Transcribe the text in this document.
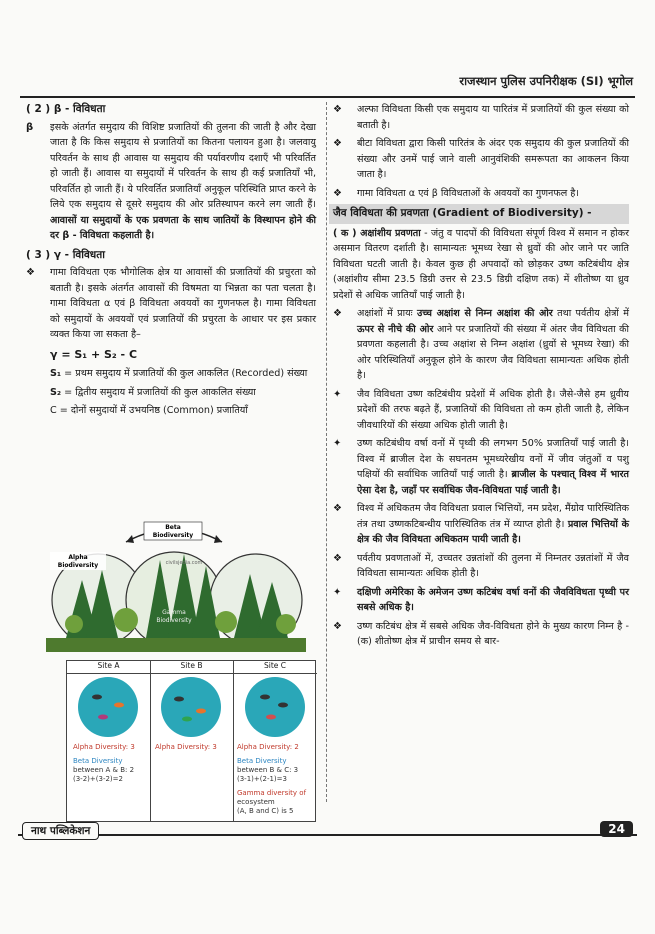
राजस्थान पुलिस उपनिरीक्षक (SI) भूगोल
( 2 ) β - विविधता
β	इसके अंतर्गत समुदाय की विशिष्ट प्रजातियों की तुलना की जाती है और देखा जाता है कि किस समुदाय से प्रजातियों का कितना पलायन हुआ है। जलवायु परिवर्तन के साथ ही आवास या समुदाय की पर्यावरणीय दशाएँ भी परिवर्तित हो जाती हैं। आवास या समुदायों में परिवर्तन के साथ ही कई प्रजातियाँ भी, परिवर्तित हो जाती हैं। ये परिवर्तित प्रजातियाँ अनुकूल परिस्थिति प्राप्त करने के लिये एक समुदाय से दूसरे समुदाय की ओर प्रतिस्थापन करने लग जाती हैं। आवासों या समुदायों के एक प्रवणता के साथ जातियों के विस्थापन होने की दर β - विविधता कहलाती है।
( 3 ) γ - विविधता
❖	गामा विविधता एक भौगोलिक क्षेत्र या आवासों की प्रजातियों की प्रचुरता को बताती है। इसके अंतर्गत आवासों की विषमता या भिन्नता का पता चलता है। गामा विविधता α एवं β विविधता अवयवों का गुणनफल है। गामा विविधता को समुदायों के अवयवों एवं प्रजातियों की प्रचुरता के आधार पर इस प्रकार व्यक्त किया जा सकता है–
γ = S₁ + S₂ - C
S₁ = प्रथम समुदाय में प्रजातियों की कुल आकलित (Recorded) संख्या
S₂ = द्वितीय समुदाय में प्रजातियों की कुल आकलित संख्या
C = दोनों समुदायों में उभयनिष्ठ (Common) प्रजातियाँ
Beta
Biodiversity
Alpha
Biodiversity
Gamma
Biodiversity
civilsjedia.com
Site A	Site B	Site C
Alpha Diversity: 3	Alpha Diversity: 3	Alpha Diversity: 2
Beta Diversity
between A & B: 2
(3-2)+(3-2)=2
Beta Diversity
between B & C: 3
(3-1)+(2-1)=3
Gamma diversity of
ecosystem
(A, B and C) is 5
❖	अल्फा विविधता किसी एक समुदाय या पारितंत्र में प्रजातियों की कुल संख्या को बताती है।
❖	बीटा विविधता द्वारा किसी पारितंत्र के अंदर एक समुदाय की कुल प्रजातियों की संख्या और उनमें पाई जाने वाली आनुवंशिकी समरूपता का आकलन किया जाता है।
❖	गामा विविधता α एवं β विविधताओं के अवयवों का गुणनफल है।
जैव विविधता की प्रवणता (Gradient of Biodiversity) -
( क ) अक्षांशीय प्रवणता - जंतु व पादपों की विविधता संपूर्ण विश्व में समान न होकर असमान वितरण दर्शाती है। सामान्यतः भूमध्य रेखा से ध्रुवों की ओर जाने पर जाति विविधता घटती जाती है। केवल कुछ ही अपवादों को छोड़कर उष्ण कटिबंधीय क्षेत्र (अक्षांशीय सीमा 23.5 डिग्री उत्तर से 23.5 डिग्री दक्षिण तक) में शीतोष्ण या ध्रुव प्रदेशों से अधिक जातियाँ पाई जाती है।
❖	अक्षांशों में प्रायः उच्च अक्षांश से निम्न अक्षांश की ओर तथा पर्वतीय क्षेत्रों में ऊपर से नीचे की ओर आने पर प्रजातियों की संख्या में अंतर जैव विविधता की प्रवणता कहलाती है। उच्च अक्षांश से निम्न अक्षांश (ध्रुवों से भूमध्य रेखा) की ओर परिस्थितियाँ अनुकूल होने के कारण जैव विविधता सामान्यतः अधिक होती है।
✦	जैव विविधता उष्ण कटिबंधीय प्रदेशों में अधिक होती है। जैसे-जैसे हम ध्रुवीय प्रदेशों की तरफ बढ़ते हैं, प्रजातियों की विविधता तो कम होती जाती है, लेकिन जीवधारियों की संख्या अधिक होती जाती है।
✦	उष्ण कटिबंधीय वर्षा वनों में पृथ्वी की लगभग 50% प्रजातियाँ पाई जाती है। विश्व में ब्राजील देश के सघनतम भूमध्यरेखीय वनों में जीव जंतुओं व पशु पक्षियों की सर्वाधिक जातियाँ पाई जाती है। ब्राजील के पश्चात् विश्व में भारत ऐसा देश है, जहाँ पर सर्वाधिक जैव-विविधता पाई जाती है।
❖	विश्व में अधिकतम जैव विविधता प्रवाल भित्तियों, नम प्रदेश, मैंग्रोव पारिस्थितिक तंत्र तथा उष्णकटिबन्धीय पारिस्थितिक तंत्र में व्याप्त होती है। प्रवाल भित्तियों के क्षेत्र की जैव विविधता अधिकतम पायी जाती है।
❖	पर्वतीय प्रवणताओं में, उच्चतर उन्नतांशों की तुलना में निम्नतर उन्नतांशों में जैव विविधता सामान्यतः अधिक होती है।
✦	दक्षिणी अमेरिका के अमेजन उष्ण कटिबंध वर्षा वनों की जैवविविधता पृथ्वी पर सबसे अधिक है।
❖	उष्ण कटिबंध क्षेत्र में सबसे अधिक जैव-विविधता होने के मुख्य कारण निम्न है - (क) शीतोष्ण क्षेत्र में प्राचीन समय से बार-
नाथ पब्लिकेशन	24
